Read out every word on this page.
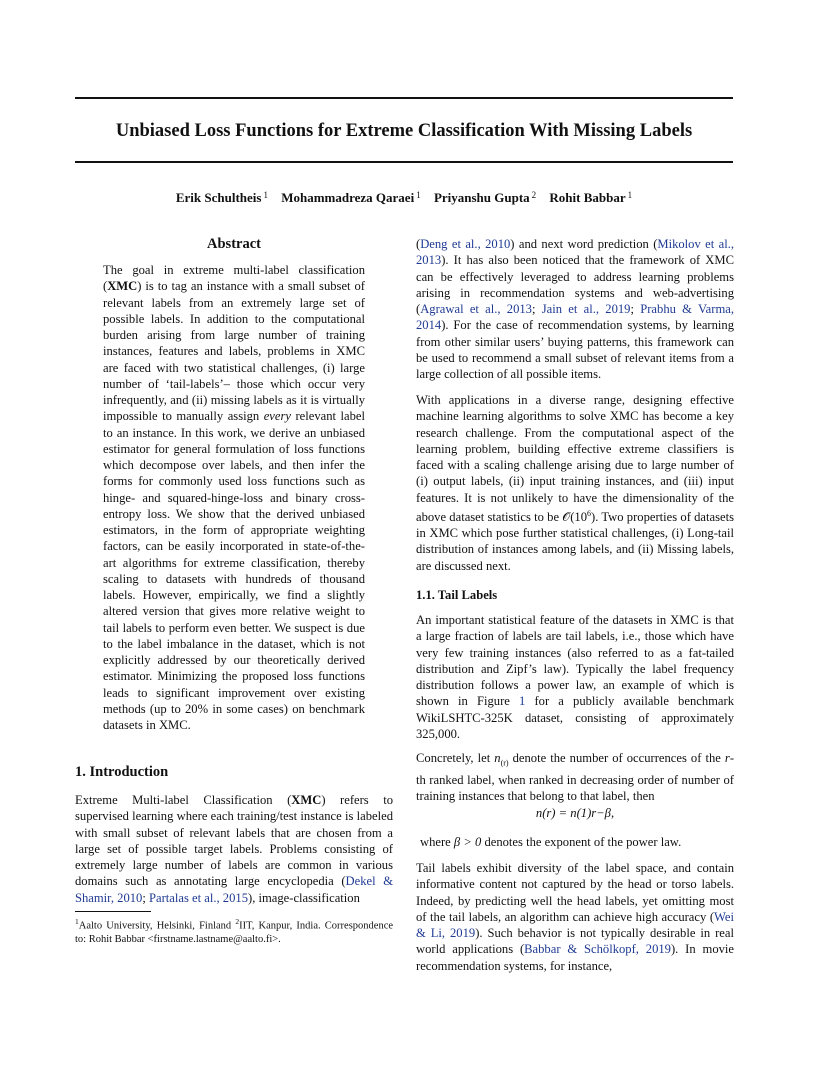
Unbiased Loss Functions for Extreme Classification With Missing Labels
Erik Schultheis $^1$ Mohammadreza Qaraei $^1$ Priyanshu Gupta $^2$ Rohit Babbar $^1$
Abstract

The goal in extreme multi-label classification (XMC) is to tag an instance with a small subset of relevant labels from an extremely large set of possible labels. In addition to the computational burden arising from large number of training instances, features and labels, problems in XMC are faced with two statistical challenges, (i) large number of ‘tail-labels’– those which occur very infrequently, and (ii) missing labels as it is virtually impossible to manually assign every relevant label to an instance. In this work, we derive an unbiased estimator for general formulation of loss functions which decompose over labels, and then infer the forms for commonly used loss functions such as hinge- and squared-hinge-loss and binary cross-entropy loss. We show that the derived unbiased estimators, in the form of appropriate weighting factors, can be easily incorporated in state-of-the-art algorithms for extreme classification, thereby scaling to datasets with hundreds of thousand labels. However, empirically, we find a slightly altered version that gives more relative weight to tail labels to perform even better. We suspect is due to the label imbalance in the dataset, which is not explicitly addressed by our theoretically derived estimator. Minimizing the proposed loss functions leads to significant improvement over existing methods (up to 20% in some cases) on benchmark datasets in XMC.

1. Introduction

Extreme Multi-label Classification (XMC) refers to supervised learning where each training/test instance is labeled with small subset of relevant labels that are chosen from a large set of possible target labels. Problems consisting of extremely large number of labels are common in various domains such as annotating large encyclopedia (Dekel & Shamir, 2010; Partalas et al., 2015), image-classification

$^1$Aalto University, Helsinki, Finland $^2$IIT, Kanpur, India. Correspondence to: Rohit Babbar <firstname.lastname@aalto.fi>.

(Deng et al., 2010) and next word prediction (Mikolov et al., 2013). It has also been noticed that the framework of XMC can be effectively leveraged to address learning problems arising in recommendation systems and web-advertising (Agrawal et al., 2013; Jain et al., 2019; Prabhu & Varma, 2014). For the case of recommendation systems, by learning from other similar users’ buying patterns, this framework can be used to recommend a small subset of relevant items from a large collection of all possible items.

With applications in a diverse range, designing effective machine learning algorithms to solve XMC has become a key research challenge. From the computational aspect of the learning problem, building effective extreme classifiers is faced with a scaling challenge arising due to large number of (i) output labels, (ii) input training instances, and (iii) input features. It is not unlikely to have the dimensionality of the above dataset statistics to be $𝒪(10^6)$. Two properties of datasets in XMC which pose further statistical challenges, (i) Long-tail distribution of instances among labels, and (ii) Missing labels, are discussed next.

1.1. Tail Labels

An important statistical feature of the datasets in XMC is that a large fraction of labels are tail labels, i.e., those which have very few training instances (also referred to as a fat-tailed distribution and Zipf’s law). Typically the label frequency distribution follows a power law, an example of which is shown in Figure 1 for a publicly available benchmark WikiLSHTC-325K dataset, consisting of approximately 325,000.

Concretely, let $n_{(r)}$ denote the number of occurrences of the r-th ranked label, when ranked in decreasing order of number of training instances that belong to that label, then

n(r) = n(1)r−β,

where β > 0 denotes the exponent of the power law.

Tail labels exhibit diversity of the label space, and contain informative content not captured by the head or torso labels. Indeed, by predicting well the head labels, yet omitting most of the tail labels, an algorithm can achieve high accuracy (Wei & Li, 2019). Such behavior is not typically desirable in real world applications (Babbar & Schölkopf, 2019). In movie recommendation systems, for instance,
